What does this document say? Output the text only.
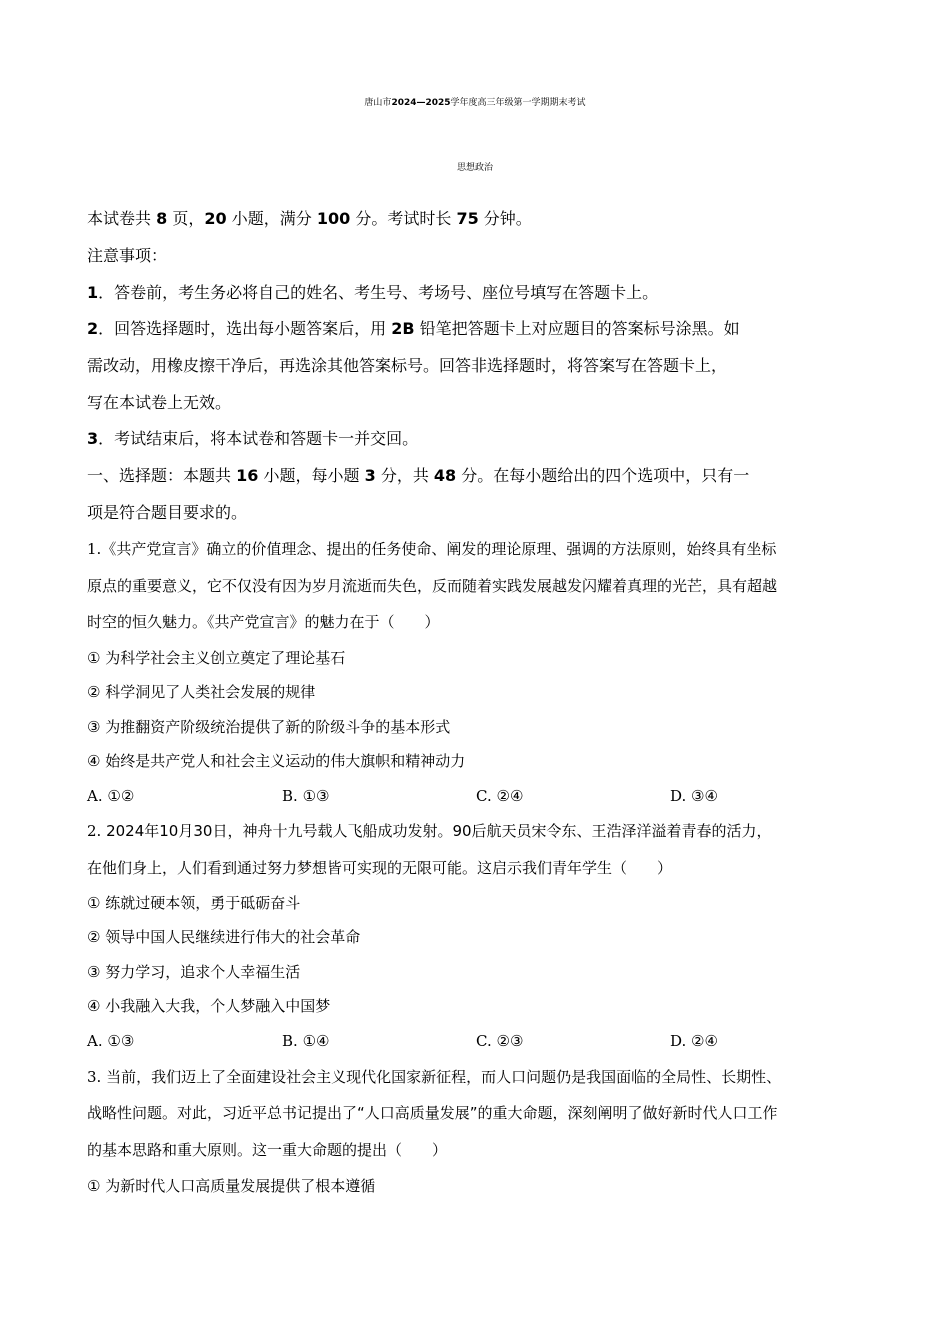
唐山市2024—2025学年度高三年级第一学期期末考试
思想政治
本试卷共 8 页，20 小题，满分 100 分。考试时长 75 分钟。
注意事项：
1．答卷前，考生务必将自己的姓名、考生号、考场号、座位号填写在答题卡上。
2．回答选择题时，选出每小题答案后，用 2B 铅笔把答题卡上对应题目的答案标号涂黑。如
需改动，用橡皮擦干净后，再选涂其他答案标号。回答非选择题时，将答案写在答题卡上，
写在本试卷上无效。
3．考试结束后，将本试卷和答题卡一并交回。
一、选择题：本题共 16 小题，每小题 3 分，共 48 分。在每小题给出的四个选项中，只有一
项是符合题目要求的。
1.《共产党宣言》确立的价值理念、提出的任务使命、阐发的理论原理、强调的方法原则，始终具有坐标
原点的重要意义，它不仅没有因为岁月流逝而失色，反而随着实践发展越发闪耀着真理的光芒，具有超越
时空的恒久魅力。《共产党宣言》的魅力在于（　　）
① 为科学社会主义创立奠定了理论基石
② 科学洞见了人类社会发展的规律
③ 为推翻资产阶级统治提供了新的阶级斗争的基本形式
④ 始终是共产党人和社会主义运动的伟大旗帜和精神动力
A. ①②	B. ①③	C. ②④	D. ③④
2. 2024年10月30日，神舟十九号载人飞船成功发射。90后航天员宋令东、王浩泽洋溢着青春的活力，
在他们身上，人们看到通过努力梦想皆可实现的无限可能。这启示我们青年学生（　　）
① 练就过硬本领，勇于砥砺奋斗
② 领导中国人民继续进行伟大的社会革命
③ 努力学习，追求个人幸福生活
④ 小我融入大我，个人梦融入中国梦
A. ①③	B. ①④	C. ②③	D. ②④
3. 当前，我们迈上了全面建设社会主义现代化国家新征程，而人口问题仍是我国面临的全局性、长期性、
战略性问题。对此，习近平总书记提出了“人口高质量发展”的重大命题，深刻阐明了做好新时代人口工作
的基本思路和重大原则。这一重大命题的提出（　　）
① 为新时代人口高质量发展提供了根本遵循
